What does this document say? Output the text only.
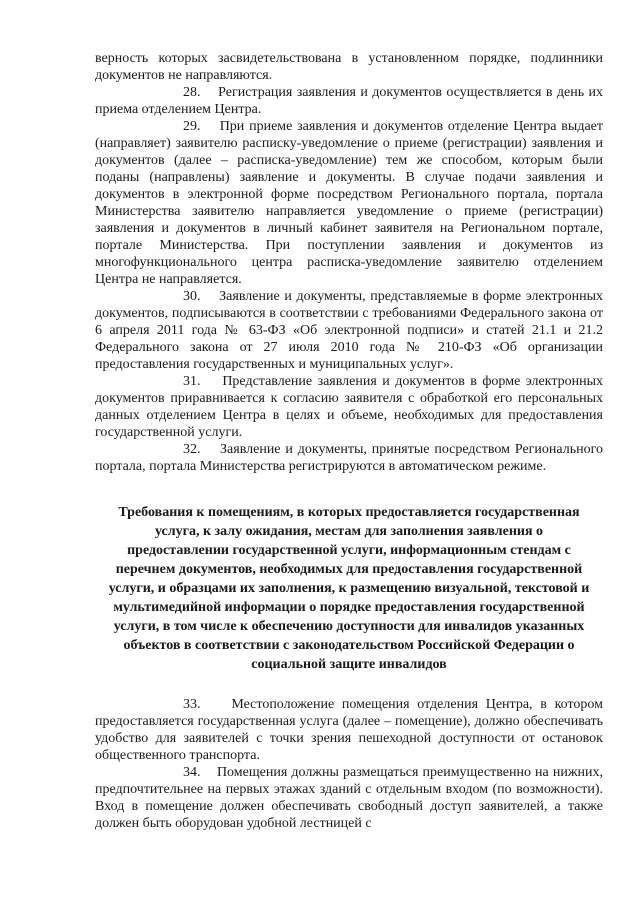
верность которых засвидетельствована в установленном порядке, подлинники документов не направляются.

28. Регистрация заявления и документов осуществляется в день их приема отделением Центра.

29. При приеме заявления и документов отделение Центра выдает (направляет) заявителю расписку-уведомление о приеме (регистрации) заявления и документов (далее – расписка-уведомление) тем же способом, которым были поданы (направлены) заявление и документы. В случае подачи заявления и документов в электронной форме посредством Регионального портала, портала Министерства заявителю направляется уведомление о приеме (регистрации) заявления и документов в личный кабинет заявителя на Региональном портале, портале Министерства. При поступлении заявления и документов из многофункционального центра расписка-уведомление заявителю отделением Центра не направляется.

30. Заявление и документы, представляемые в форме электронных документов, подписываются в соответствии с требованиями Федерального закона от 6 апреля 2011 года № 63-ФЗ «Об электронной подписи» и статей 21.1 и 21.2 Федерального закона от 27 июля 2010 года № 210-ФЗ «Об организации предоставления государственных и муниципальных услуг».

31. Представление заявления и документов в форме электронных документов приравнивается к согласию заявителя с обработкой его персональных данных отделением Центра в целях и объеме, необходимых для предоставления государственной услуги.

32. Заявление и документы, принятые посредством Регионального портала, портала Министерства регистрируются в автоматическом режиме.

Требования к помещениям, в которых предоставляется государственная услуга, к залу ожидания, местам для заполнения заявления о предоставлении государственной услуги, информационным стендам с перечнем документов, необходимых для предоставления государственной услуги, и образцами их заполнения, к размещению визуальной, текстовой и мультимедийной информации о порядке предоставления государственной услуги, в том числе к обеспечению доступности для инвалидов указанных объектов в соответствии с законодательством Российской Федерации о социальной защите инвалидов

33. Местоположение помещения отделения Центра, в котором предоставляется государственная услуга (далее – помещение), должно обеспечивать удобство для заявителей с точки зрения пешеходной доступности от остановок общественного транспорта.

34. Помещения должны размещаться преимущественно на нижних, предпочтительнее на первых этажах зданий с отдельным входом (по возможности). Вход в помещение должен обеспечивать свободный доступ заявителей, а также должен быть оборудован удобной лестницей с
